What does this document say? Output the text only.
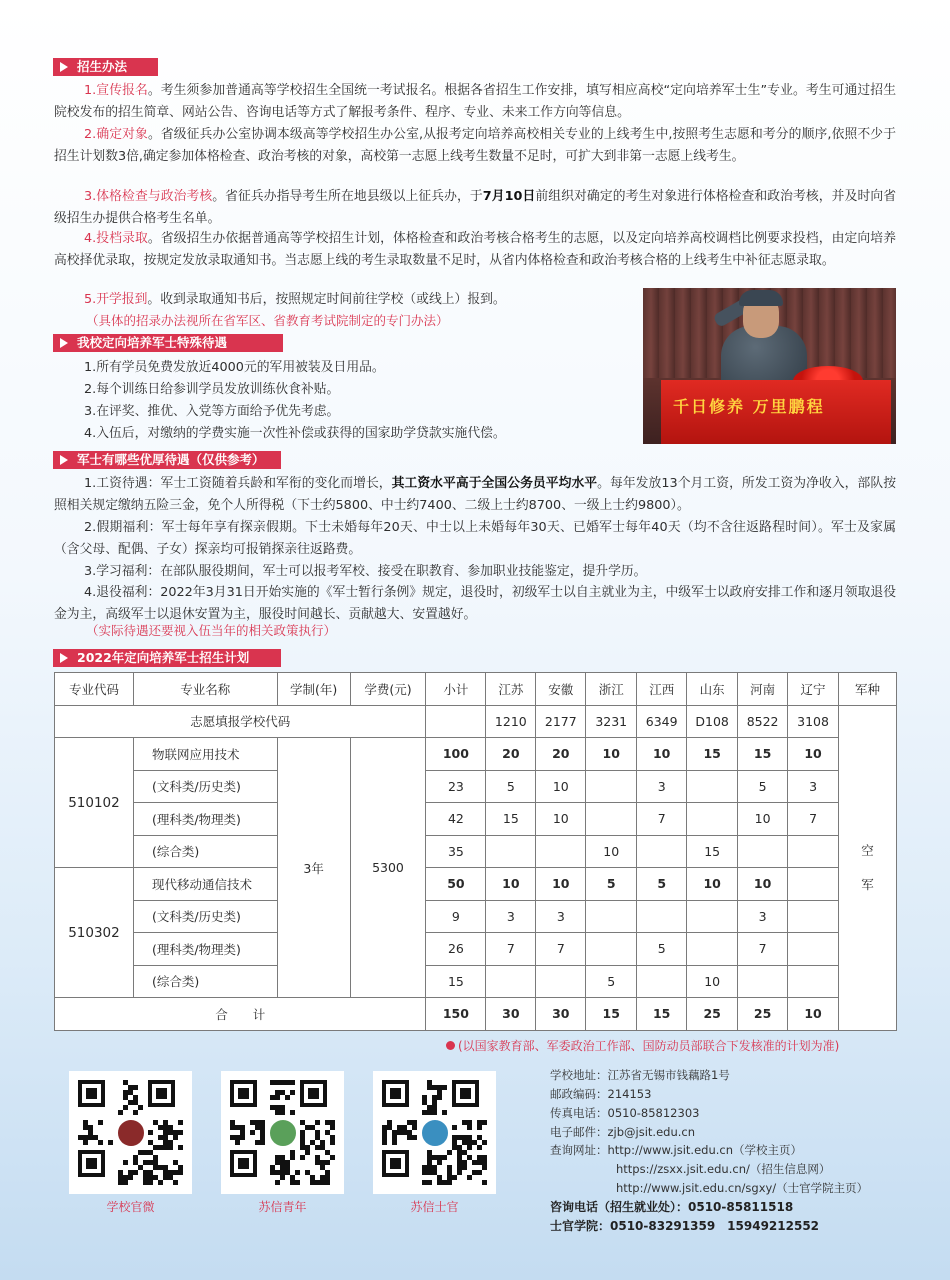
招生办法
1.宣传报名。考生须参加普通高等学校招生全国统一考试报名。根据各省招生工作安排，填写相应高校“定向培养军士生”专业。考生可通过招生院校发布的招生简章、网站公告、咨询电话等方式了解报考条件、程序、专业、未来工作方向等信息。
2.确定对象。省级征兵办公室协调本级高等学校招生办公室,从报考定向培养高校相关专业的上线考生中,按照考生志愿和考分的顺序,依照不少于招生计划数3倍,确定参加体格检查、政治考核的对象，高校第一志愿上线考生数量不足时，可扩大到非第一志愿上线考生。
3.体格检查与政治考核。省征兵办指导考生所在地县级以上征兵办，于7月10日前组织对确定的考生对象进行体格检查和政治考核，并及时向省级招生办提供合格考生名单。
4.投档录取。省级招生办依据普通高等学校招生计划，体格检查和政治考核合格考生的志愿，以及定向培养高校调档比例要求投档，由定向培养高校择优录取，按规定发放录取通知书。当志愿上线的考生录取数量不足时，从省内体格检查和政治考核合格的上线考生中补征志愿录取。
5.开学报到。收到录取通知书后，按照规定时间前往学校（或线上）报到。
（具体的招录办法视所在省军区、省教育考试院制定的专门办法）
千日修养 万里鹏程
我校定向培养军士特殊待遇
1.所有学员免费发放近4000元的军用被装及日用品。
2.每个训练日给参训学员发放训练伙食补贴。
3.在评奖、推优、入党等方面给予优先考虑。
4.入伍后，对缴纳的学费实施一次性补偿或获得的国家助学贷款实施代偿。
军士有哪些优厚待遇（仅供参考）
1.工资待遇：军士工资随着兵龄和军衔的变化而增长，其工资水平高于全国公务员平均水平。每年发放13个月工资，所发工资为净收入，部队按照相关规定缴纳五险三金，免个人所得税（下士约5800、中士约7400、二级上士约8700、一级上士约9800）。
2.假期福利：军士每年享有探亲假期。下士未婚每年20天、中士以上未婚每年30天、已婚军士每年40天（均不含往返路程时间）。军士及家属（含父母、配偶、子女）探亲均可报销探亲往返路费。
3.学习福利：在部队服役期间，军士可以报考军校、接受在职教育、参加职业技能鉴定，提升学历。
4.退役福利：2022年3月31日开始实施的《军士暂行条例》规定，退役时，初级军士以自主就业为主，中级军士以政府安排工作和逐月领取退役金为主，高级军士以退休安置为主，服役时间越长、贡献越大、安置越好。
（实际待遇还要视入伍当年的相关政策执行）
2022年定向培养军士招生计划
专业代码	专业名称	学制(年)	学费(元)	小计	江苏	安徽	浙江	江西	山东	河南	辽宁	军种
志愿填报学校代码					1210	2177	3231	6349	D108	8522	3108	空
军

510102	物联网应用技术	3年	5300	100	20	20	10	10	15	15	10	
	(文科类/历史类)			23	5	10		3		5	3	
	(理科类/物理类)			42	15	10		7		10	7	
	(综合类)			35			10		15			
510302	现代移动通信技术			50	10	10	5	5	10	10		
	(文科类/历史类)			9	3	3				3		
	(理科类/物理类)			26	7	7		5		7		
	(综合类)			15			5		10			
合　　计				150	30	30	15	15	25	25	10	
(以国家教育部、军委政治工作部、国防动员部联合下发核准的计划为准)
学校官微	苏信青年	苏信士官
学校地址：江苏省无锡市钱藕路1号
邮政编码：214153
传真电话：0510-85812303
电子邮件：zjb@jsit.edu.cn
查询网址：http://www.jsit.edu.cn（学校主页）
https://zsxx.jsit.edu.cn/（招生信息网）
http://www.jsit.edu.cn/sgxy/（士官学院主页）
咨询电话（招生就业处）：0510-85811518
士官学院：0510-83291359　15949212552
